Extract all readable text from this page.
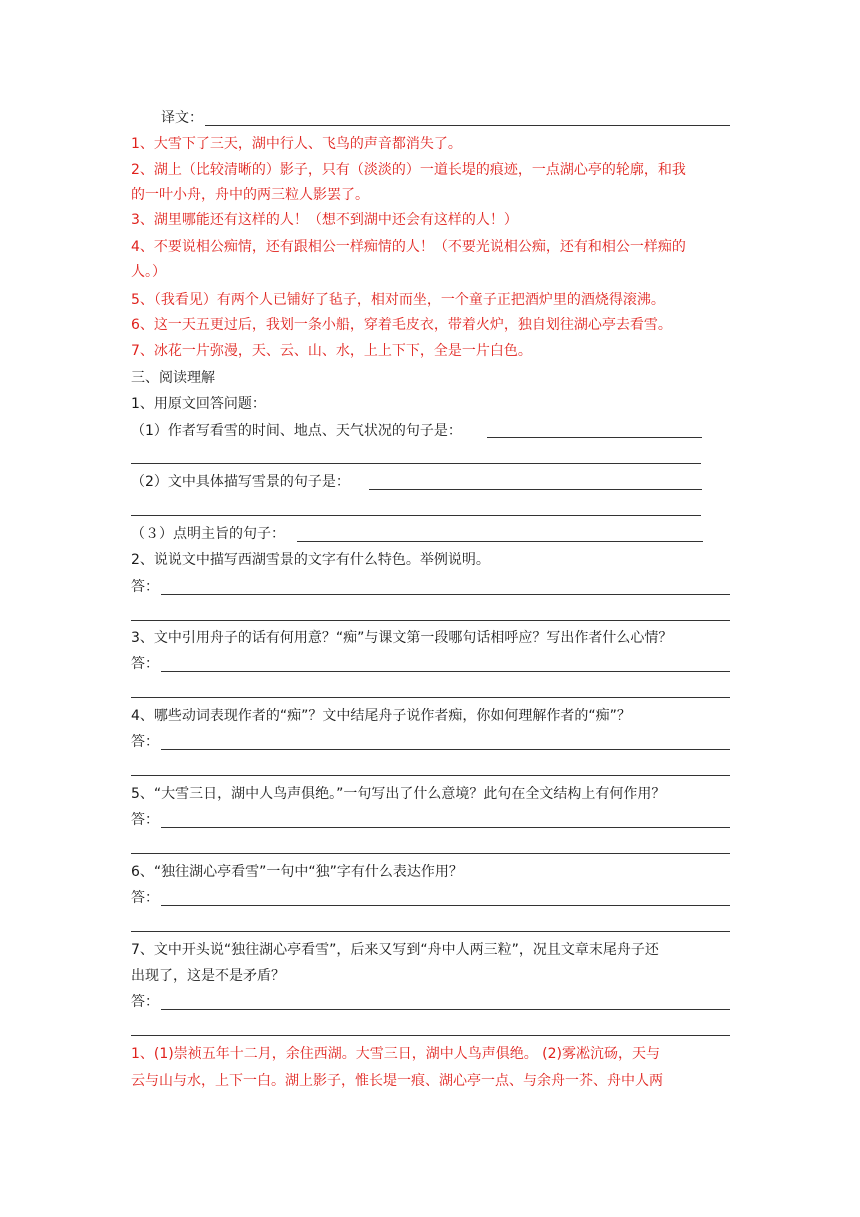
译文：
1、大雪下了三天，湖中行人、飞鸟的声音都消失了。
2、湖上（比较清晰的）影子，只有（淡淡的）一道长堤的痕迹，一点湖心亭的轮廓，和我
的一叶小舟，舟中的两三粒人影罢了。
3、湖里哪能还有这样的人！（想不到湖中还会有这样的人！）
4、不要说相公痴情，还有跟相公一样痴情的人！（不要光说相公痴，还有和相公一样痴的
人。）
5、（我看见）有两个人已铺好了毡子，相对而坐，一个童子正把酒炉里的酒烧得滚沸。
6、这一天五更过后，我划一条小船，穿着毛皮衣，带着火炉，独自划往湖心亭去看雪。
7、冰花一片弥漫，天、云、山、水，上上下下，全是一片白色。
三、阅读理解
1、用原文回答问题：
（1）作者写看雪的时间、地点、天气状况的句子是：
（2）文中具体描写雪景的句子是：
（３）点明主旨的句子：
2、说说文中描写西湖雪景的文字有什么特色。举例说明。
答：
3、文中引用舟子的话有何用意？“痴”与课文第一段哪句话相呼应？写出作者什么心情？
答：
4、哪些动词表现作者的“痴”？文中结尾舟子说作者痴，你如何理解作者的“痴”？
答：
5、“大雪三日，湖中人鸟声俱绝。”一句写出了什么意境？此句在全文结构上有何作用？
答：
6、“独往湖心亭看雪”一句中“独”字有什么表达作用？
答：
7、文中开头说“独往湖心亭看雪”，后来又写到“舟中人两三粒”，况且文章末尾舟子还
出现了，这是不是矛盾？
答：
1、(1)崇祯五年十二月，余住西湖。大雪三日，湖中人鸟声俱绝。 (2)雾凇沆砀，天与
云与山与水，上下一白。湖上影子，惟长堤一痕、湖心亭一点、与余舟一芥、舟中人两
